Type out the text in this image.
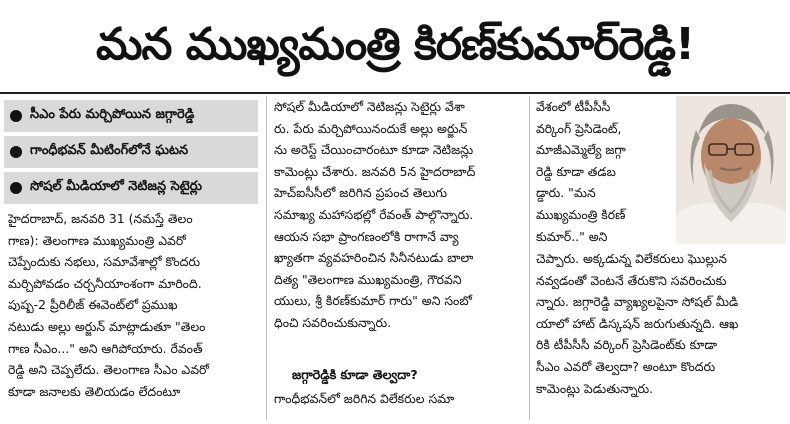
మన ముఖ్యమంత్రి కిరణ్‌కుమార్‌రెడ్డి!
సీఎం పేరు మర్చిపోయిన జగ్గారెడ్డి
గాంధీభవన్ మీటింగ్‌లోనే ఘటన
సోషల్ మీడియాలో నెటిజన్ల సెటైర్లు
హైదరాబాద్, జనవరి 31 (నమస్తే తెలం
గాణ): తెలంగాణ ముఖ్యమంత్రి ఎవరో
చెప్పేందుకు నభలు, సమావేశాల్లో కొందరు
మర్చిపోవడం చర్చనీయాంశంగా మారింది.
పుష్ప-2 ప్రీరిలీజ్ ఈవెంట్‌లో ప్రముఖ
నటుడు అల్లు అర్జున్ మాట్లాడుతూ "తెలం
గాణ సీఎం..." అని ఆగిపోయారు. రేవంత్
రెడ్డి అని చెప్పలేదు. తెలంగాణ సీఎం ఎవరో
కూడా జనాలకు తెలియడం లేదంటూ
సోషల్ మీడియాలో నెటిజన్లు సెటైర్లు వేశా
రు. పేరు మర్చిపోయినందుకే అల్లు అర్జున్
ను అరెస్ట్ చేయించారంటూ కూడా నెటిజన్లు
కామెంట్లు చేశారు. జనవరి 5న హైదరాబాద్
హెచ్‌ఐసీసీలో జరిగిన ప్రపంచ తెలుగు
సమాఖ్య మహాసభల్లో రేవంత్ పాల్గొన్నారు.
ఆయన సభా ప్రాంగణంలోకి రాగానే వ్యా
ఖ్యాతగా వ్యవహరించిన సినీనటుడు బాలా
దిత్య "తెలంగాణ ముఖ్యమంత్రి, గౌరవని
యులు, శ్రీ కిరణ్‌కుమార్ గారు" అని సంబో
ధించి సవరించుకున్నారు.
జగ్గారెడ్డికి కూడా తెల్వదా?
గాంధీభవన్‌లో జరిగిన విలేకరుల సమా
వేశంలో టీపీసీసీ
వర్కింగ్ ప్రెసిడెంట్,
మాజీఎమ్మెల్యే జగ్గా
రెడ్డి కూడా తడబ
డ్డారు. "మన
ముఖ్యమంత్రి కిరణ్
కుమార్.." అని
చెప్పారు. అక్కడున్న విలేకరులు ఘొల్లున
నవ్వడంతో వెంటనే తేరుకొని సవరించుకు
న్నారు. జగ్గారెడ్డి వ్యాఖ్యలపైనా సోషల్ మీడి
యాలో హాట్ డిస్కషన్ జరుగుతున్నది. ఆఖ
రికి టీపీసీసీ వర్కింగ్ ప్రెసిడెంట్‌కు కూడా
సీఎం ఎవరో తెల్వదా? అంటూ కొందరు
కామెంట్లు పెడుతున్నారు.
